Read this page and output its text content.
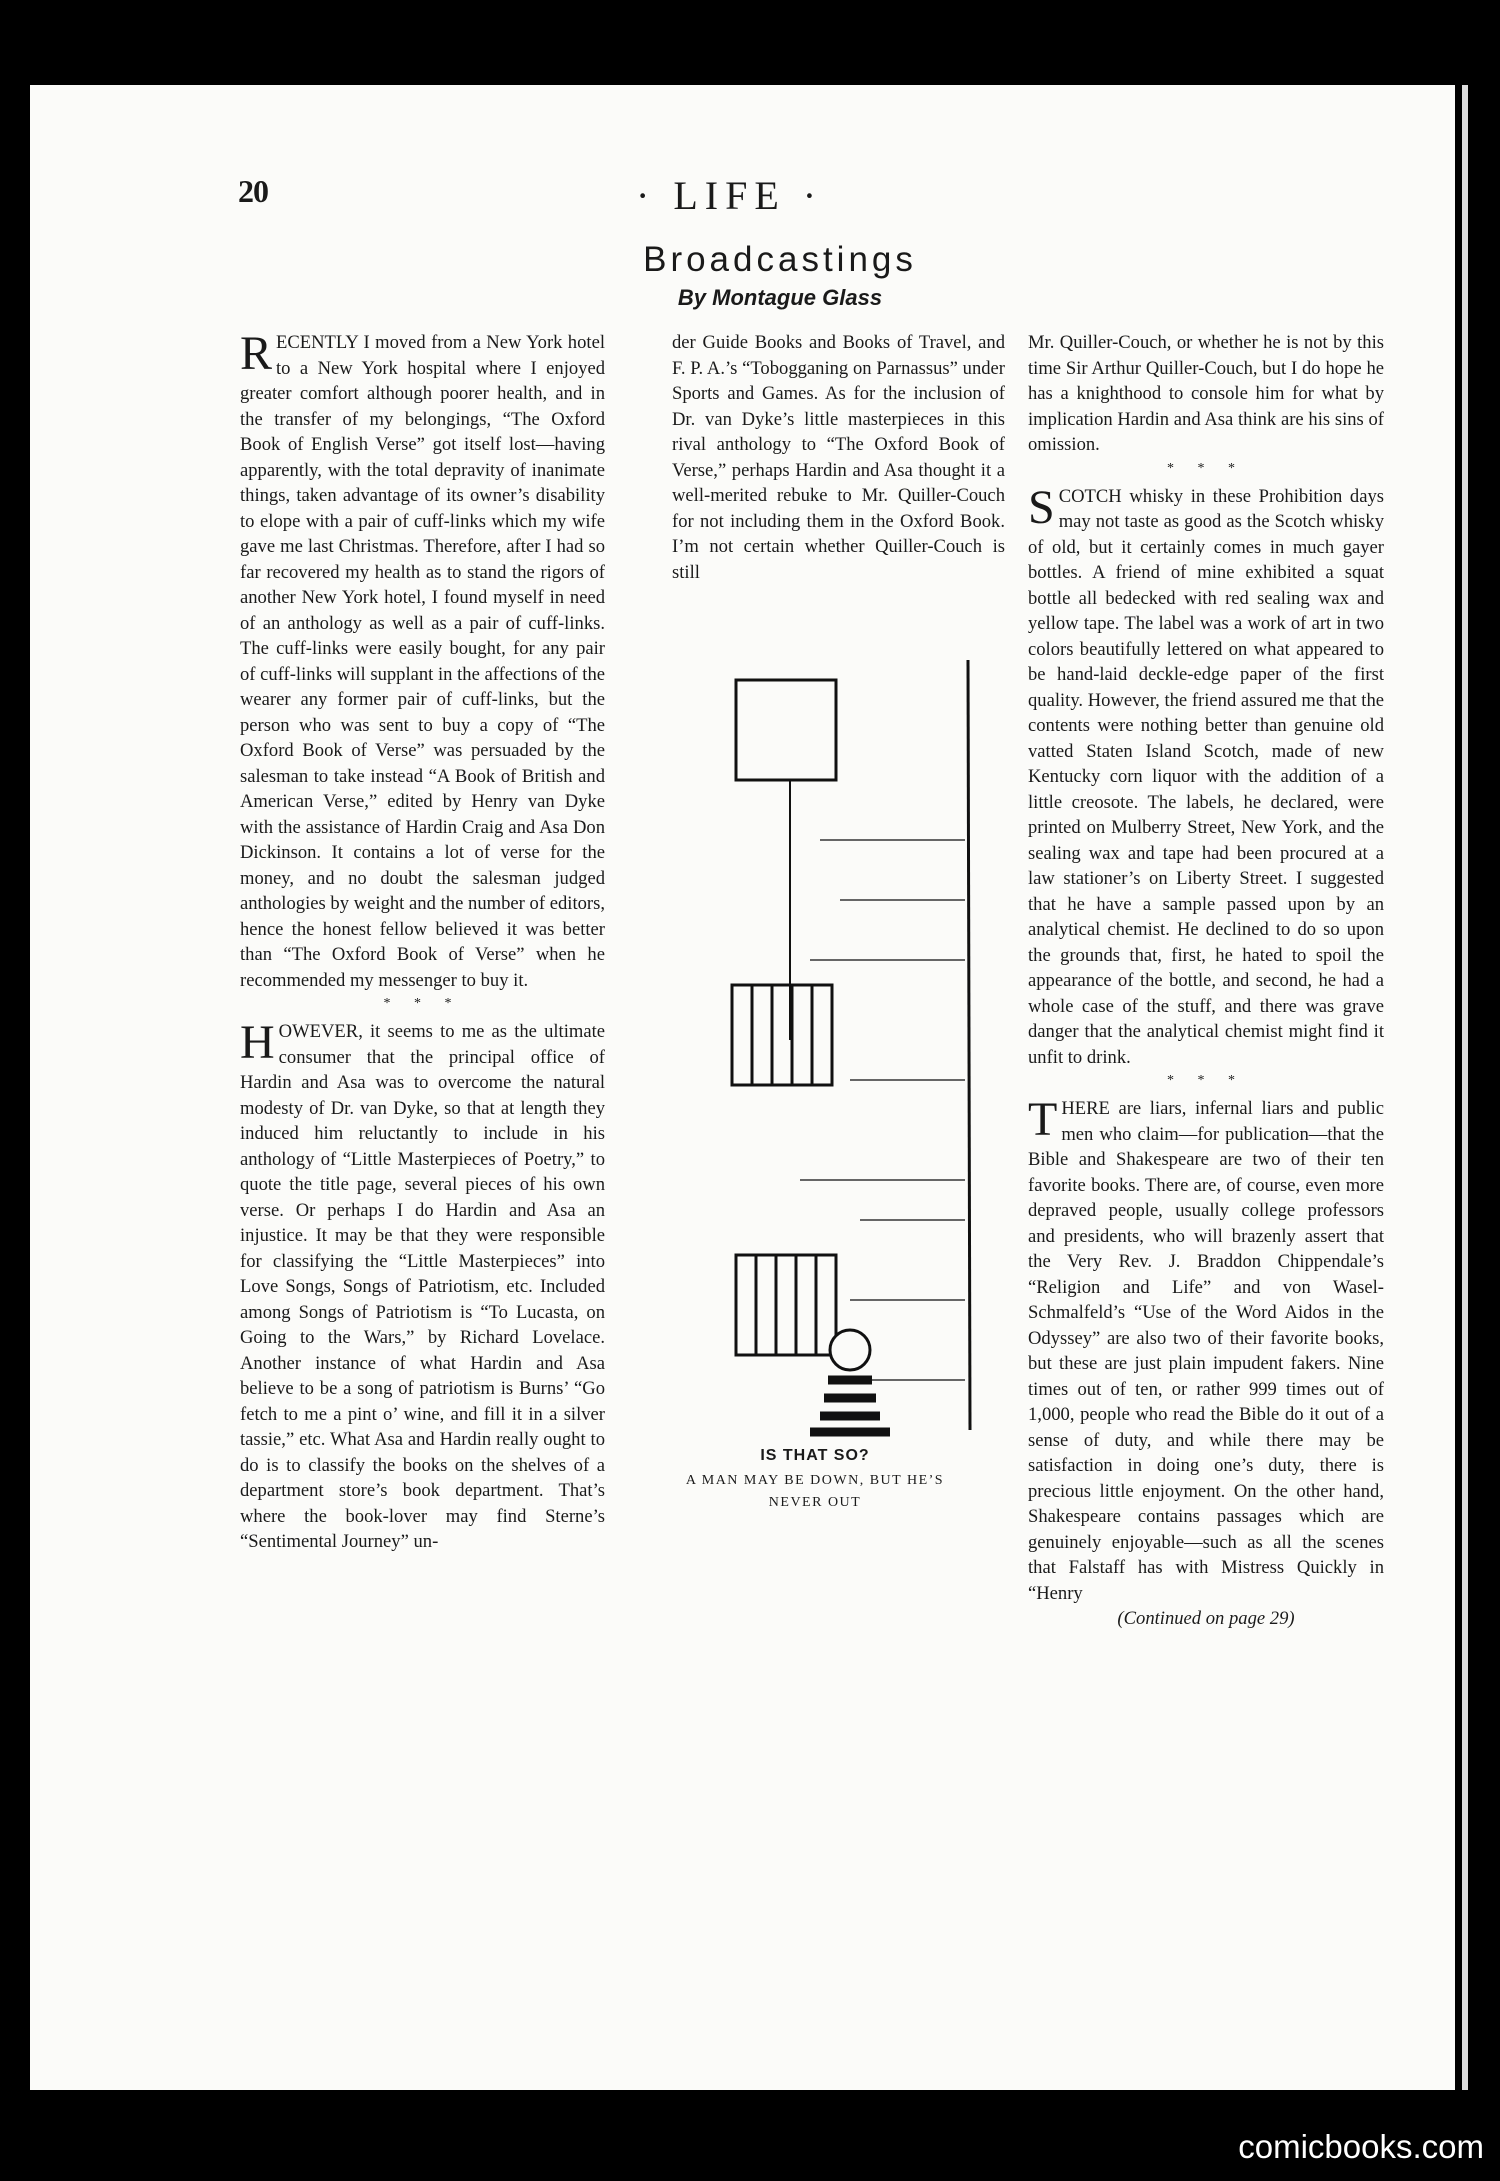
20	· LIFE ·
Broadcastings
By Montague Glass

RECENTLY I moved from a New York hotel to a New York hospital where I enjoyed greater comfort although poorer health, and in the transfer of my belongings, “The Oxford Book of English Verse” got itself lost—having apparently, with the total depravity of inanimate things, taken advantage of its owner’s disability to elope with a pair of cuff-links which my wife gave me last Christmas. Therefore, after I had so far recovered my health as to stand the rigors of another New York hotel, I found myself in need of an anthology as well as a pair of cuff-links. The cuff-links were easily bought, for any pair of cuff-links will supplant in the affections of the wearer any former pair of cuff-links, but the person who was sent to buy a copy of “The Oxford Book of Verse” was persuaded by the salesman to take instead “A Book of British and American Verse,” edited by Henry van Dyke with the assistance of Hardin Craig and Asa Don Dickinson. It contains a lot of verse for the money, and no doubt the salesman judged anthologies by weight and the number of editors, hence the honest fellow believed it was better than “The Oxford Book of Verse” when he recommended my messenger to buy it.

* * *

HOWEVER, it seems to me as the ultimate consumer that the principal office of Hardin and Asa was to overcome the natural modesty of Dr. van Dyke, so that at length they induced him reluctantly to include in his anthology of “Little Masterpieces of Poetry,” to quote the title page, several pieces of his own verse. Or perhaps I do Hardin and Asa an injustice. It may be that they were responsible for classifying the “Little Masterpieces” into Love Songs, Songs of Patriotism, etc. Included among Songs of Patriotism is “To Lucasta, on Going to the Wars,” by Richard Lovelace. Another instance of what Hardin and Asa believe to be a song of patriotism is Burns’ “Go fetch to me a pint o’ wine, and fill it in a silver tassie,” etc. What Asa and Hardin really ought to do is to classify the books on the shelves of a department store’s book department. That’s where the book-lover may find Sterne’s “Sentimental Journey” un-

der Guide Books and Books of Travel, and F. P. A.’s “Tobogganing on Parnassus” under Sports and Games. As for the inclusion of Dr. van Dyke’s little masterpieces in this rival anthology to “The Oxford Book of Verse,” perhaps Hardin and Asa thought it a well-merited rebuke to Mr. Quiller-Couch for not including them in the Oxford Book. I’m not certain whether Quiller-Couch is still

IS THAT SO?
A MAN MAY BE DOWN, BUT HE’S
NEVER OUT

Mr. Quiller-Couch, or whether he is not by this time Sir Arthur Quiller-Couch, but I do hope he has a knighthood to console him for what by implication Hardin and Asa think are his sins of omission.

* * *

SCOTCH whisky in these Prohibition days may not taste as good as the Scotch whisky of old, but it certainly comes in much gayer bottles. A friend of mine exhibited a squat bottle all bedecked with red sealing wax and yellow tape. The label was a work of art in two colors beautifully lettered on what appeared to be hand-laid deckle-edge paper of the first quality. However, the friend assured me that the contents were nothing better than genuine old vatted Staten Island Scotch, made of new Kentucky corn liquor with the addition of a little creosote. The labels, he declared, were printed on Mulberry Street, New York, and the sealing wax and tape had been procured at a law stationer’s on Liberty Street. I suggested that he have a sample passed upon by an analytical chemist. He declined to do so upon the grounds that, first, he hated to spoil the appearance of the bottle, and second, he had a whole case of the stuff, and there was grave danger that the analytical chemist might find it unfit to drink.

* * *

THERE are liars, infernal liars and public men who claim—for publication—that the Bible and Shakespeare are two of their ten favorite books. There are, of course, even more depraved people, usually college professors and presidents, who will brazenly assert that the Very Rev. J. Braddon Chippendale’s “Religion and Life” and von Wasel-Schmalfeld’s “Use of the Word Aidos in the Odyssey” are also two of their favorite books, but these are just plain impudent fakers. Nine times out of ten, or rather 999 times out of 1,000, people who read the Bible do it out of a sense of duty, and while there may be satisfaction in doing one’s duty, there is precious little enjoyment. On the other hand, Shakespeare contains passages which are genuinely enjoyable—such as all the scenes that Falstaff has with Mistress Quickly in “Henry

(Continued on page 29)

comicbooks.com
